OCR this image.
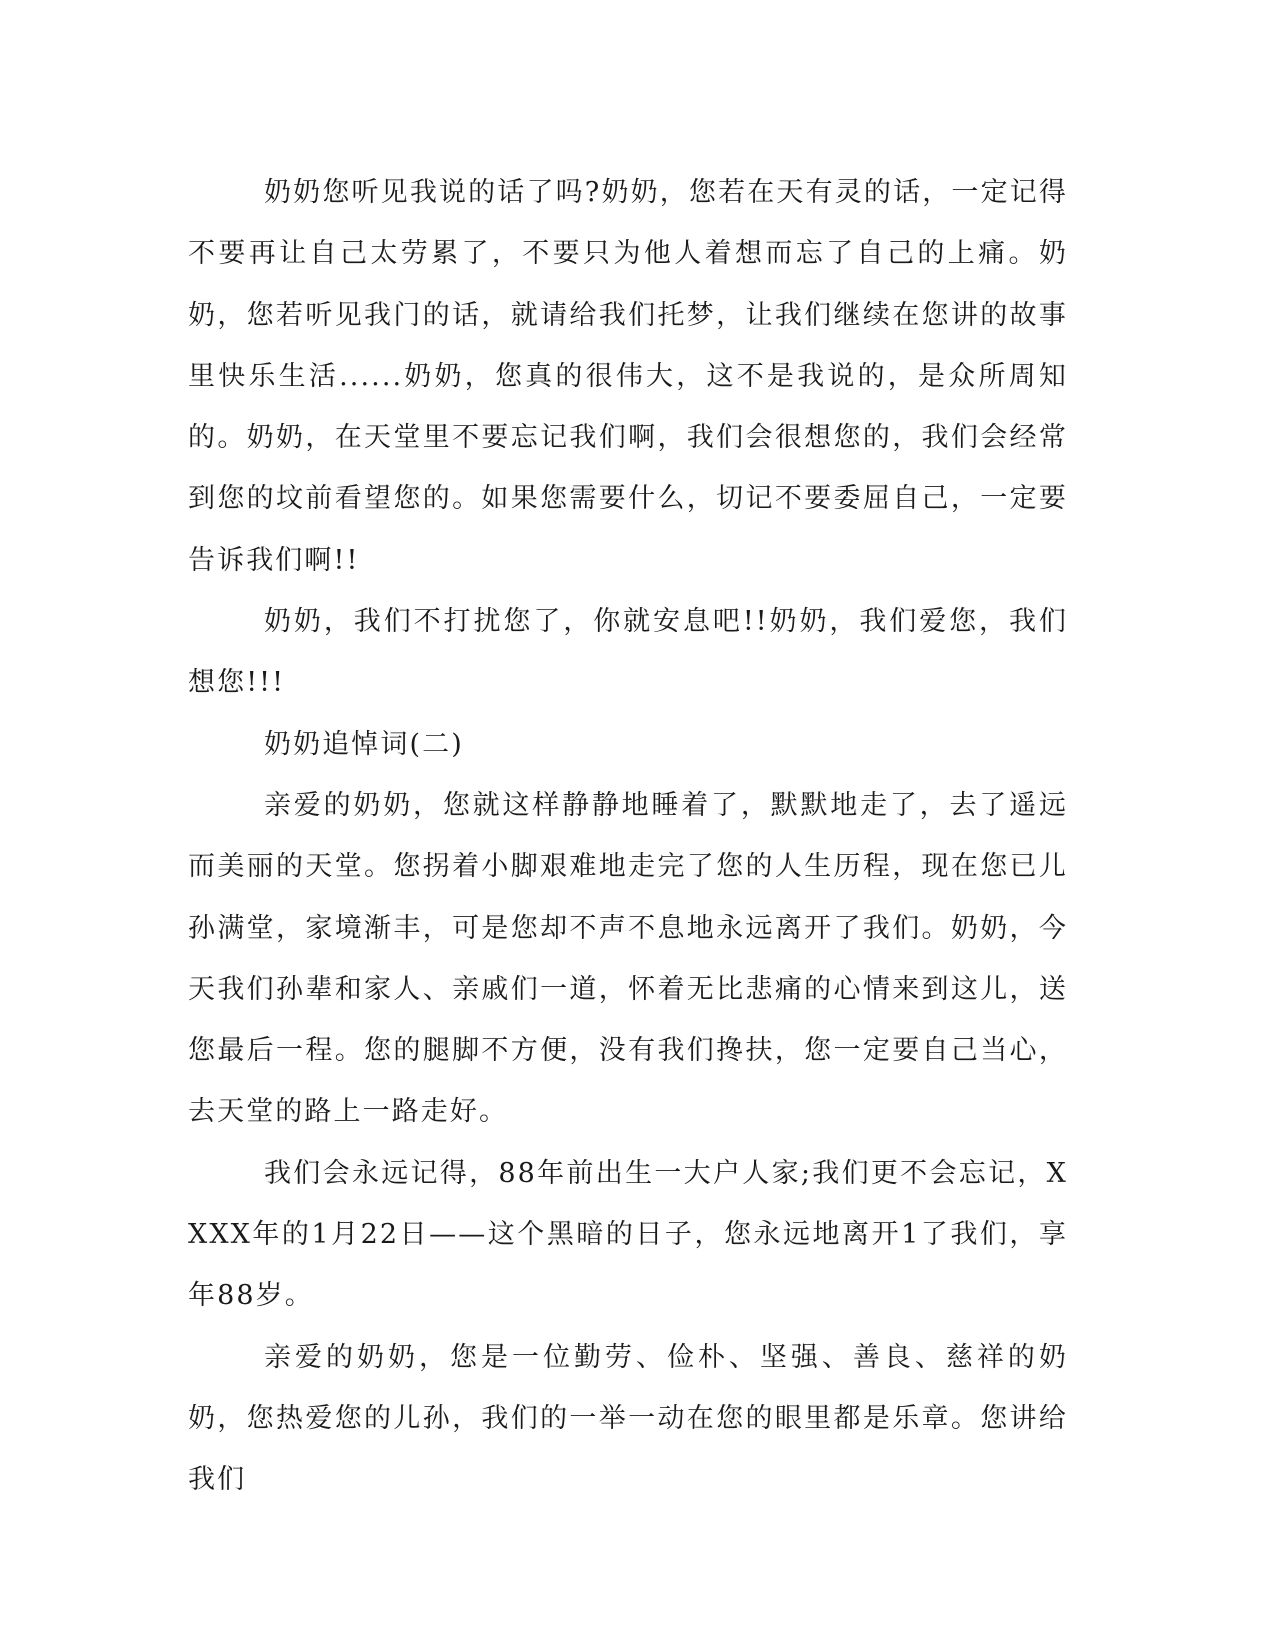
奶奶您听见我说的话了吗?奶奶，您若在天有灵的话，一定记得不要再让自己太劳累了，不要只为他人着想而忘了自己的上痛。奶奶，您若听见我门的话，就请给我们托梦，让我们继续在您讲的故事里快乐生活......奶奶，您真的很伟大，这不是我说的，是众所周知的。奶奶，在天堂里不要忘记我们啊，我们会很想您的，我们会经常到您的坟前看望您的。如果您需要什么，切记不要委屈自己，一定要告诉我们啊!!

奶奶，我们不打扰您了，你就安息吧!!奶奶，我们爱您，我们想您!!!

奶奶追悼词(二)

亲爱的奶奶，您就这样静静地睡着了，默默地走了，去了遥远而美丽的天堂。您拐着小脚艰难地走完了您的人生历程，现在您已儿孙满堂，家境渐丰，可是您却不声不息地永远离开了我们。奶奶，今天我们孙辈和家人、亲戚们一道，怀着无比悲痛的心情来到这儿，送您最后一程。您的腿脚不方便，没有我们搀扶，您一定要自己当心，去天堂的路上一路走好。

我们会永远记得，88年前出生一大户人家;我们更不会忘记，XXXX年的1月22日——这个黑暗的日子，您永远地离开1了我们，享年88岁。

亲爱的奶奶，您是一位勤劳、俭朴、坚强、善良、慈祥的奶奶，您热爱您的儿孙，我们的一举一动在您的眼里都是乐章。您讲给我们
